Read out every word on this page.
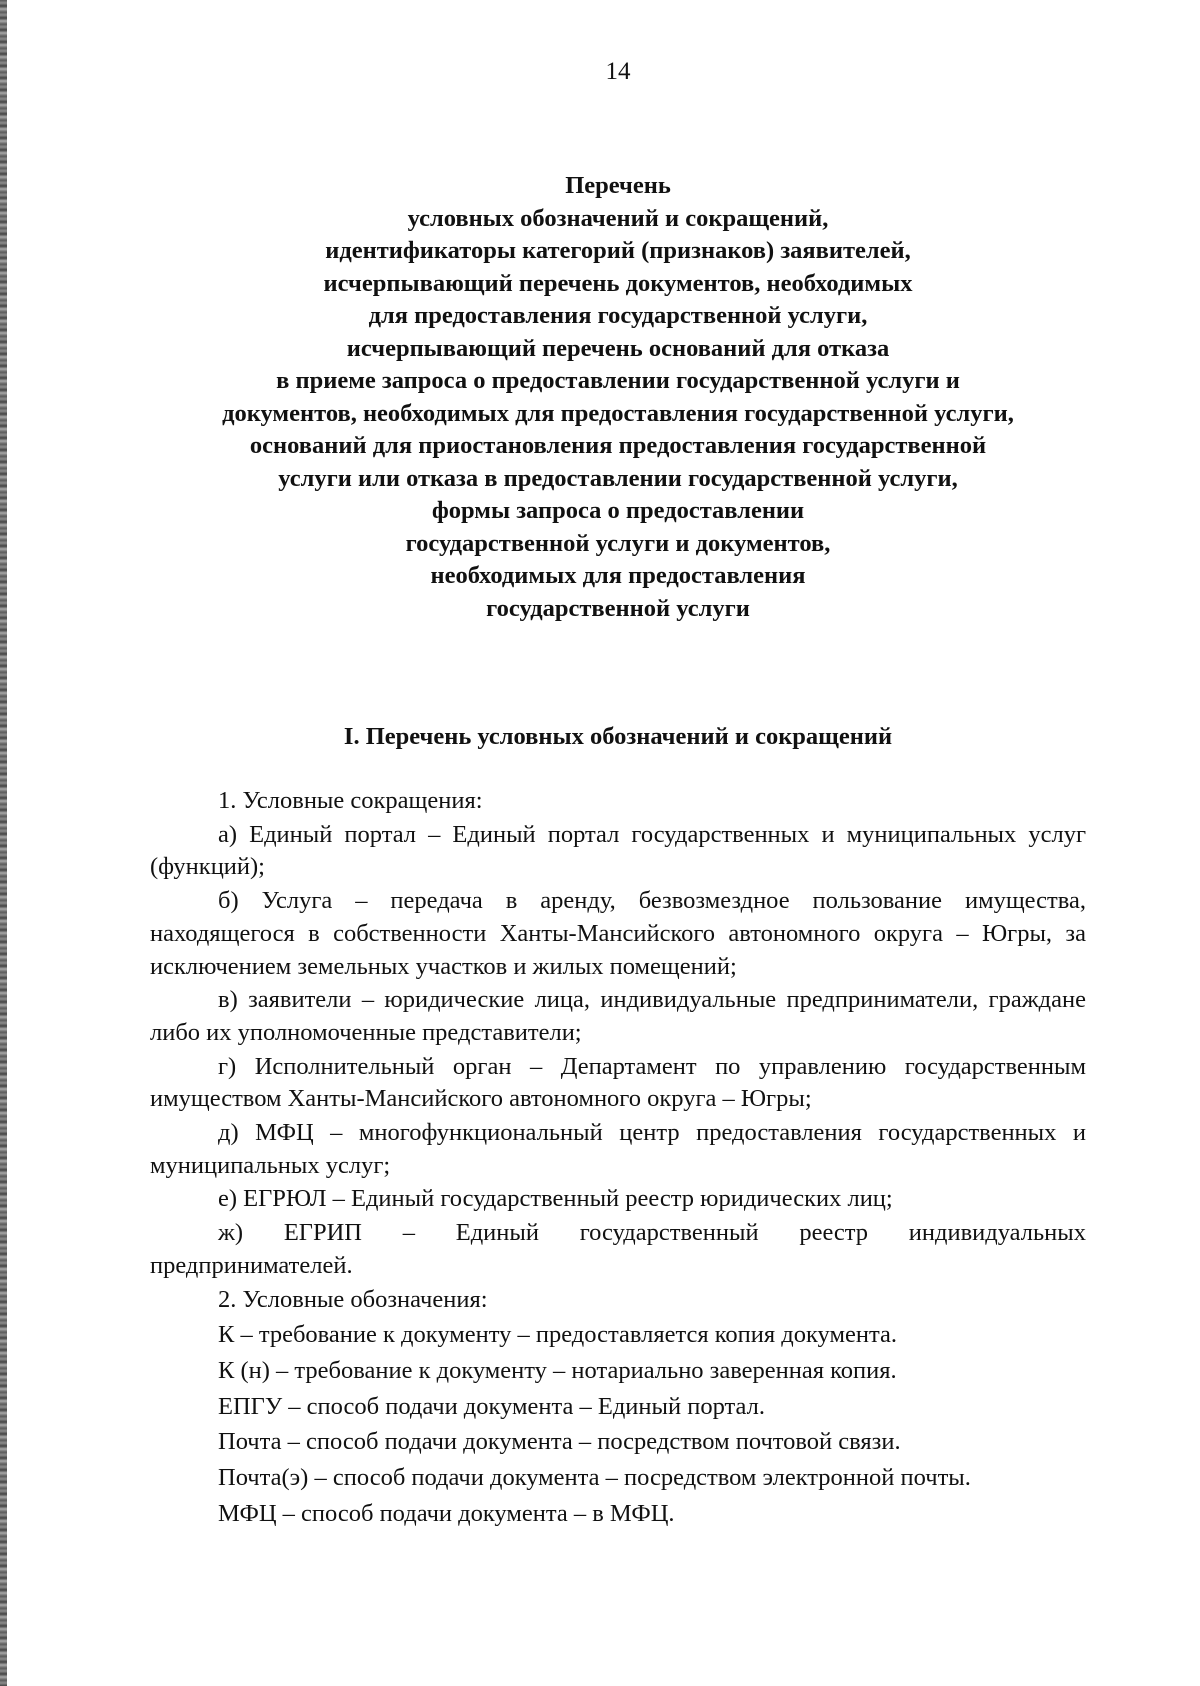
14
Перечень
условных обозначений и сокращений,
идентификаторы категорий (признаков) заявителей,
исчерпывающий перечень документов, необходимых
для предоставления государственной услуги,
исчерпывающий перечень оснований для отказа
в приеме запроса о предоставлении государственной услуги и
документов, необходимых для предоставления государственной услуги,
оснований для приостановления предоставления государственной
услуги или отказа в предоставлении государственной услуги,
формы запроса о предоставлении
государственной услуги и документов,
необходимых для предоставления
государственной услуги
I. Перечень условных обозначений и сокращений
1. Условные сокращения:
а) Единый портал – Единый портал государственных и муниципальных услуг (функций);
б) Услуга – передача в аренду, безвозмездное пользование имущества, находящегося в собственности Ханты-Мансийского автономного округа – Югры, за исключением земельных участков и жилых помещений;
в) заявители – юридические лица, индивидуальные предприниматели, граждане либо их уполномоченные представители;
г) Исполнительный орган – Департамент по управлению государственным имуществом Ханты-Мансийского автономного округа – Югры;
д) МФЦ – многофункциональный центр предоставления государственных и муниципальных услуг;
е) ЕГРЮЛ – Единый государственный реестр юридических лиц;
ж) ЕГРИП – Единый государственный реестр индивидуальных предпринимателей.
2. Условные обозначения:
К – требование к документу – предоставляется копия документа.
К (н) – требование к документу – нотариально заверенная копия.
ЕПГУ – способ подачи документа – Единый портал.
Почта – способ подачи документа – посредством почтовой связи.
Почта(э) – способ подачи документа – посредством электронной почты.
МФЦ – способ подачи документа – в МФЦ.
